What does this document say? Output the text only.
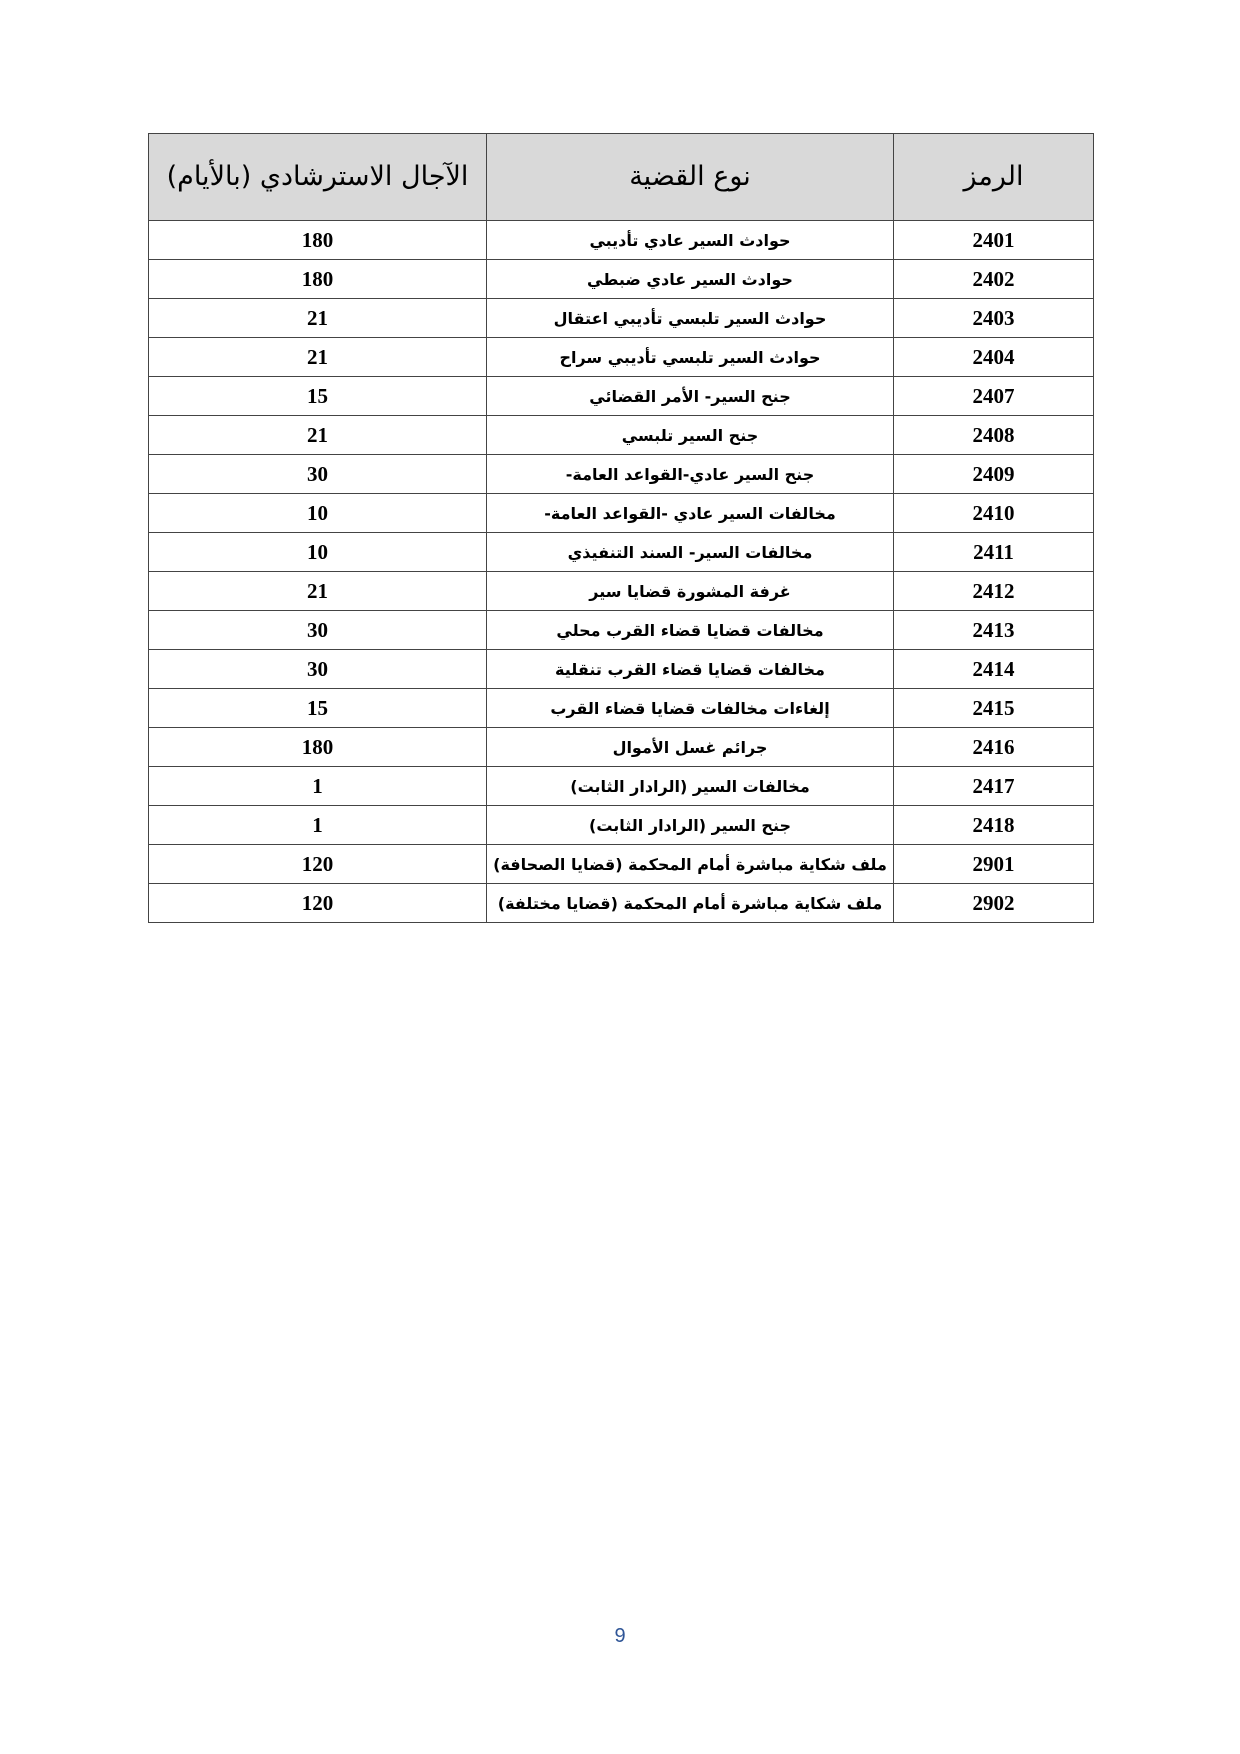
الرمز	نوع القضية	الآجال الاسترشادي (بالأيام)
2401	حوادث السير عادي تأديبي	180
2402	حوادث السير عادي ضبطي	180
2403	حوادث السير تلبسي تأديبي اعتقال	21
2404	حوادث السير تلبسي تأديبي سراح	21
2407	جنح السير- الأمر القضائي	15
2408	جنح السير تلبسي	21
2409	جنح السير عادي-القواعد العامة-	30
2410	مخالفات السير عادي -القواعد العامة-	10
2411	مخالفات السير- السند التنفيذي	10
2412	غرفة المشورة قضايا سير	21
2413	مخالفات قضايا قضاء القرب محلي	30
2414	مخالفات قضايا قضاء القرب تنقلية	30
2415	إلغاءات مخالفات قضايا قضاء القرب	15
2416	جرائم غسل الأموال	180
2417	مخالفات السير (الرادار الثابت)	1
2418	جنح السير (الرادار الثابت)	1
2901	ملف شكاية مباشرة أمام المحكمة (قضايا الصحافة)	120
2902	ملف شكاية مباشرة أمام المحكمة (قضايا مختلفة)	120
9
